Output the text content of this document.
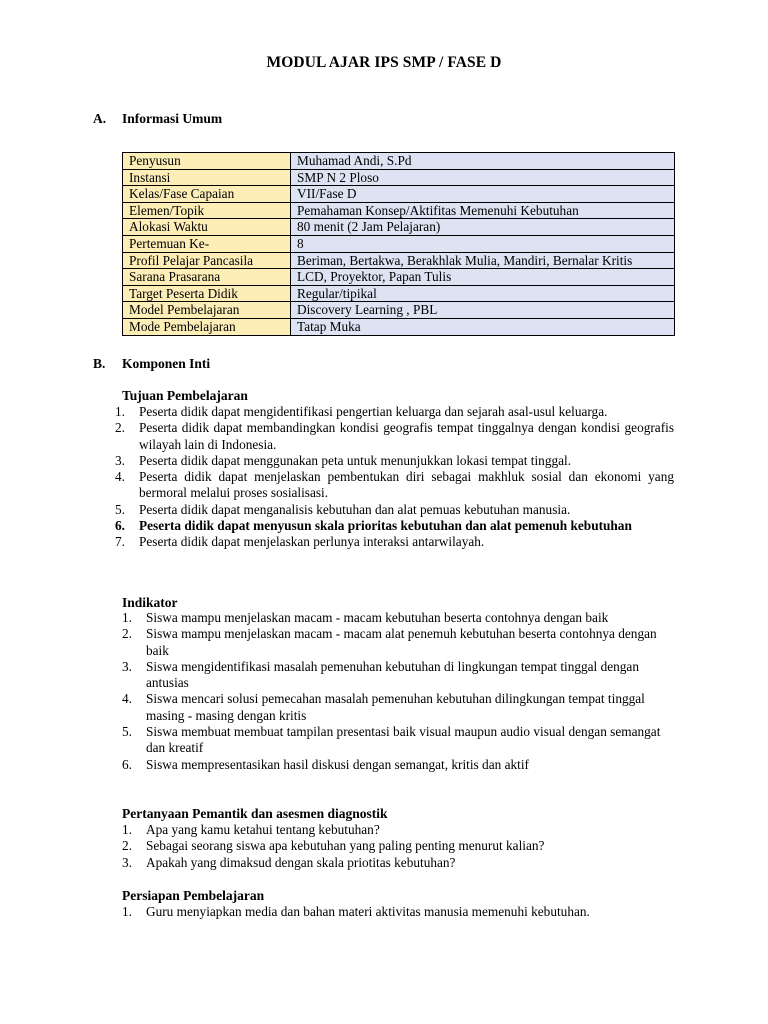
MODUL AJAR IPS SMP / FASE D
A. Informasi Umum
Penyusun	Muhamad Andi, S.Pd
Instansi	SMP N 2 Ploso
Kelas/Fase Capaian	VII/Fase D
Elemen/Topik	Pemahaman Konsep/Aktifitas Memenuhi Kebutuhan
Alokasi Waktu	80 menit (2 Jam Pelajaran)
Pertemuan Ke-	8
Profil Pelajar Pancasila	Beriman, Bertakwa, Berakhlak Mulia, Mandiri, Bernalar Kritis
Sarana Prasarana	LCD, Proyektor, Papan Tulis
Target Peserta Didik	Regular/tipikal
Model Pembelajaran	Discovery Learning , PBL
Mode Pembelajaran	Tatap Muka
B. Komponen Inti
Tujuan Pembelajaran
1. Peserta didik dapat mengidentifikasi pengertian keluarga dan sejarah asal-usul keluarga.
2. Peserta didik dapat membandingkan kondisi geografis tempat tinggalnya dengan kondisi geografis wilayah lain di Indonesia.
3. Peserta didik dapat menggunakan peta untuk menunjukkan lokasi tempat tinggal.
4. Peserta didik dapat menjelaskan pembentukan diri sebagai makhluk sosial dan ekonomi yang bermoral melalui proses sosialisasi.
5. Peserta didik dapat menganalisis kebutuhan dan alat pemuas kebutuhan manusia.
6. Peserta didik dapat menyusun skala prioritas kebutuhan dan alat pemenuh kebutuhan
7. Peserta didik dapat menjelaskan perlunya interaksi antarwilayah.
Indikator
1. Siswa mampu menjelaskan macam - macam kebutuhan beserta contohnya dengan baik
2. Siswa mampu menjelaskan macam - macam alat penemuh kebutuhan beserta contohnya dengan baik
3. Siswa mengidentifikasi masalah pemenuhan kebutuhan di lingkungan tempat tinggal dengan antusias
4. Siswa mencari solusi pemecahan masalah pemenuhan kebutuhan dilingkungan tempat tinggal masing - masing dengan kritis
5. Siswa membuat membuat tampilan presentasi baik visual maupun audio visual dengan semangat dan kreatif
6. Siswa mempresentasikan hasil diskusi dengan semangat, kritis dan aktif
Pertanyaan Pemantik dan asesmen diagnostik
1. Apa yang kamu ketahui tentang kebutuhan?
2. Sebagai seorang siswa apa kebutuhan yang paling penting menurut kalian?
3. Apakah yang dimaksud dengan skala priotitas kebutuhan?
Persiapan Pembelajaran
1. Guru menyiapkan media dan bahan materi aktivitas manusia memenuhi kebutuhan.
